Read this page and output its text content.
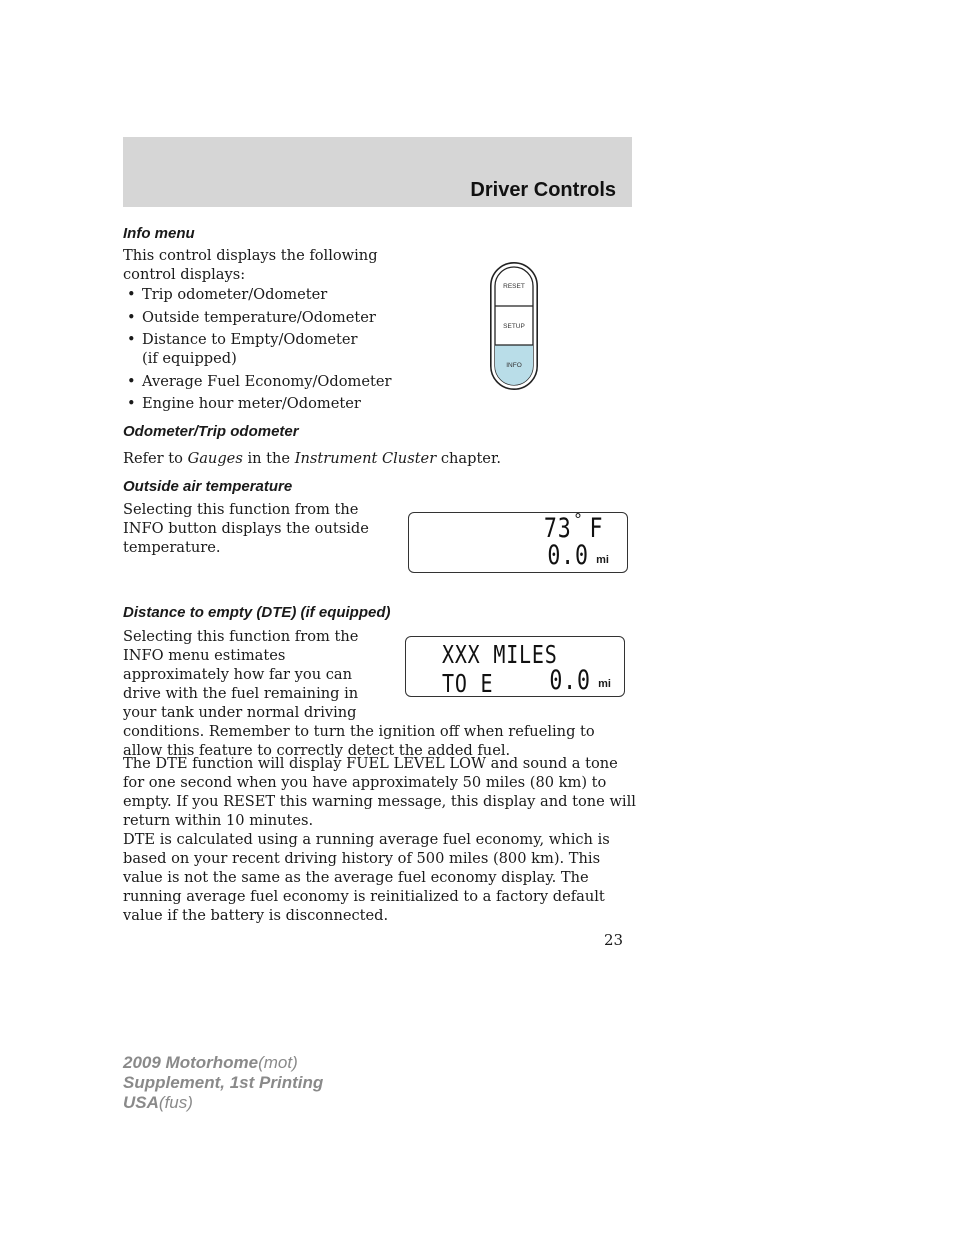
Driver Controls
Info menu

This control displays the following control displays:

• Trip odometer/Odometer
• Outside temperature/Odometer
• Distance to Empty/Odometer (if equipped)
• Average Fuel Economy/Odometer
• Engine hour meter/Odometer
RESET
SETUP
INFO
Odometer/Trip odometer

Refer to Gauges in the Instrument Cluster chapter.

Outside air temperature

Selecting this function from the INFO button displays the outside temperature.

73 ° F
0.0 mi
Distance to empty (DTE) (if equipped)
XXX MILES TO E	0.0 mi
Selecting this function from the INFO menu estimates approximately how far you can drive with the fuel remaining in your tank under normal driving conditions. Remember to turn the ignition off when refueling to allow this feature to correctly detect the added fuel.

The DTE function will display FUEL LEVEL LOW and sound a tone for one second when you have approximately 50 miles (80 km) to empty. If you RESET this warning message, this display and tone will return within 10 minutes.

DTE is calculated using a running average fuel economy, which is based on your recent driving history of 500 miles (800 km). This value is not the same as the average fuel economy display. The running average fuel economy is reinitialized to a factory default value if the battery is disconnected.

23
2009 Motorhome(mot)
Supplement, 1st Printing
USA(fus)
